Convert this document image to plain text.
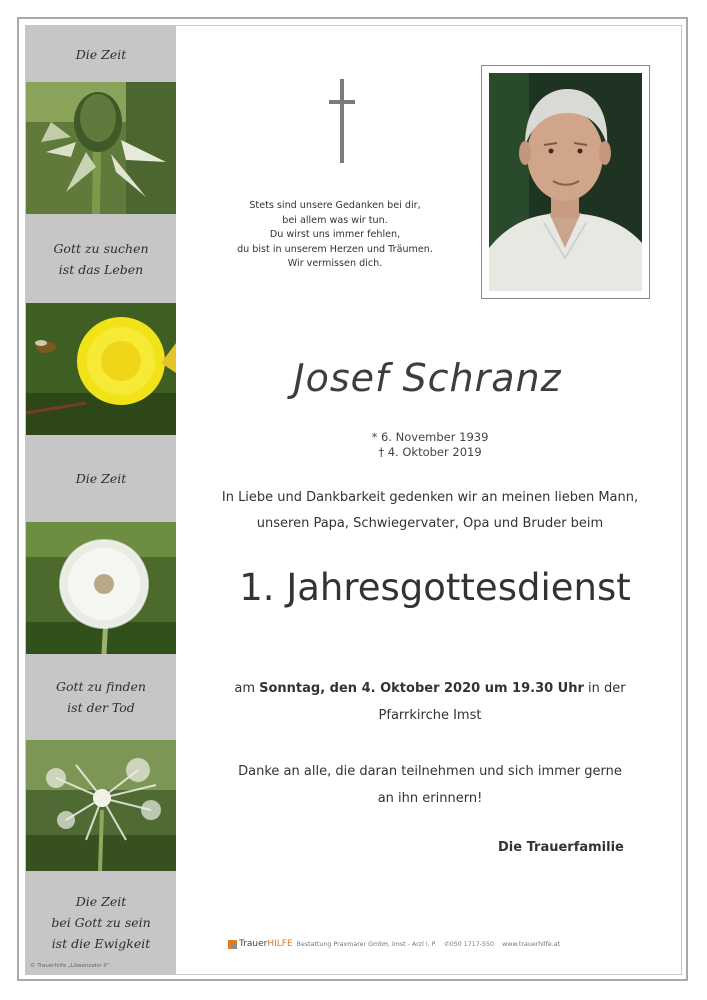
Die Zeit
Gott zu suchen
ist das Leben
Die Zeit
Gott zu finden
ist der Tod
Die Zeit
bei Gott zu sein
ist die Ewigkeit
© Trauerhilfe „Löwenzahn II“
Stets sind unsere Gedanken bei dir,
bei allem was wir tun.
Du wirst uns immer fehlen,
du bist in unserem Herzen und Träumen.
Wir vermissen dich.
Josef Schranz
* 6. November 1939
† 4. Oktober 2019
In Liebe und Dankbarkeit gedenken wir an meinen lieben Mann,
unseren Papa, Schwiegervater, Opa und Bruder beim
1. Jahresgottesdienst
am Sonntag, den 4. Oktober 2020 um 19.30 Uhr in der
Pfarrkirche Imst
Danke an alle, die daran teilnehmen und sich immer gerne
an ihn erinnern!
Die Trauerfamilie
TrauerHILFE Bestattung Praxmarer GmbH, Imst - Arzl i. P. ✆050 1717-550 www.trauerhilfe.at
